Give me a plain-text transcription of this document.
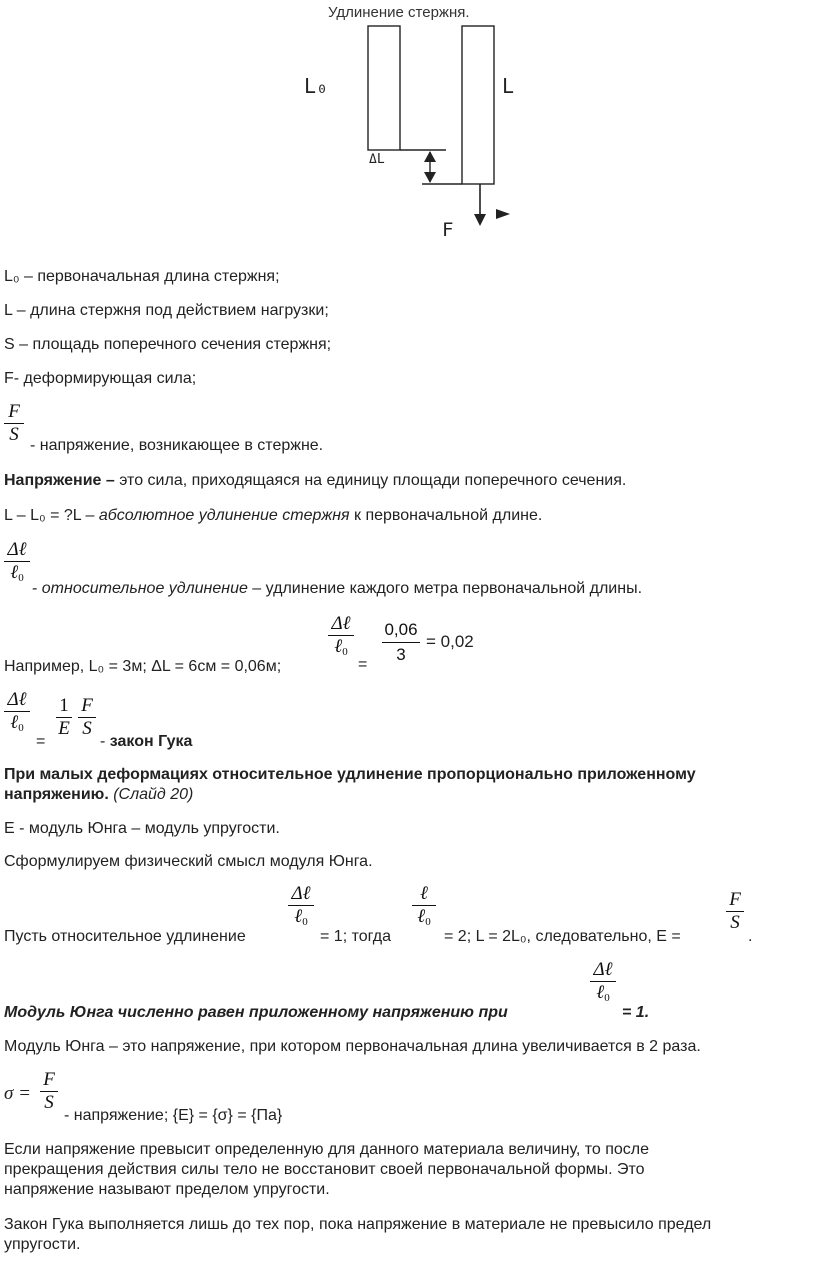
Удлинение стержня.
L₀	L
ΔL
F
L₀ – первоначальная длина стержня;
L – длина стержня под действием нагрузки;
S – площадь поперечного сечения стержня;
F- деформирующая сила;
F
S
- напряжение, возникающее в стержне.
Напряжение – это сила, приходящаяся на единицу площади поперечного сечения.
L – L₀ = ?L – абсолютное удлинение стержня к первоначальной длине.
Δℓ
ℓ$_0$
- относительное удлинение – удлинение каждого метра первоначальной длины.
Например, L₀ = 3м; ΔL = 6см = 0,06м;
Δℓ
ℓ$_0$
=
0,06
3
= 0,02
Δℓ
ℓ$_0$
=
1
E
F
S
- закон Гука
При малых деформациях относительное удлинение пропорционально приложенному
напряжению. (Слайд 20)
Е - модуль Юнга – модуль упругости.
Сформулируем физический смысл модуля Юнга.
Пусть относительное удлинение
Δℓ
ℓ$_0$
= 1; тогда
ℓ
ℓ$_0$
= 2; L = 2L₀, следовательно, E =
F
S
.
Модуль Юнга численно равен приложенному напряжению при
Δℓ
ℓ$_0$
= 1.
Модуль Юнга – это напряжение, при котором первоначальная длина увеличивается в 2 раза.
σ =
F
S
- напряжение; {E} = {σ} = {Па}
Если напряжение превысит определенную для данного материала величину, то после
прекращения действия силы тело не восстановит своей первоначальной формы. Это
напряжение называют пределом упругости.
Закон Гука выполняется лишь до тех пор, пока напряжение в материале не превысило предел
упругости.
